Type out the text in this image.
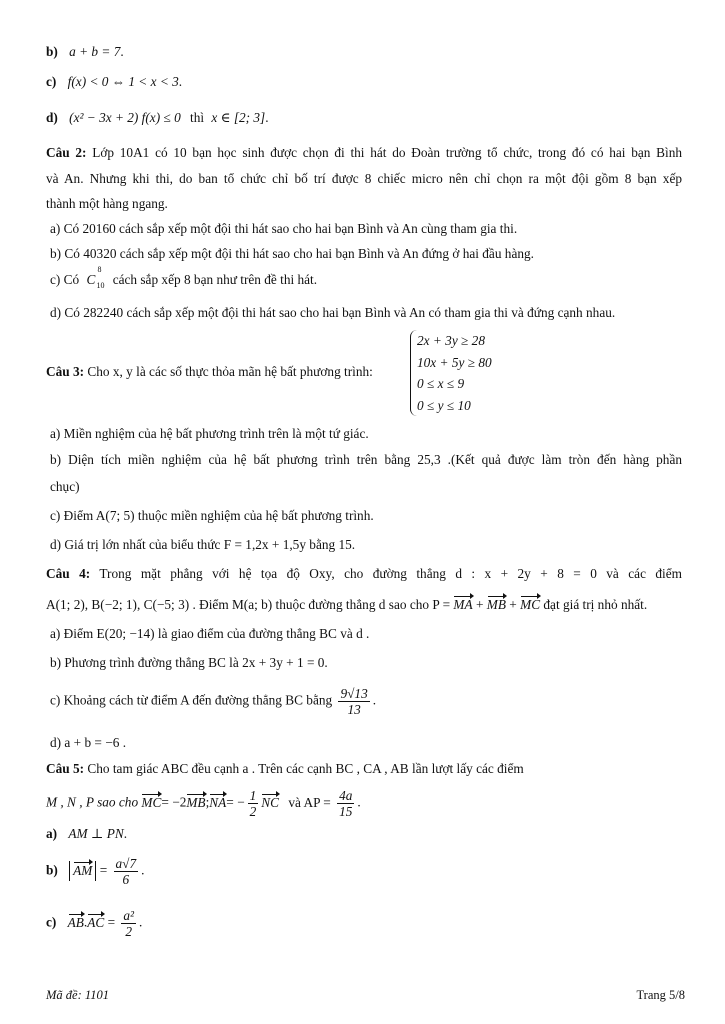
b) a + b = 7.
c) f(x) < 0 ⇔ 1 < x < 3.
d) (x² − 3x + 2) f(x) ≤ 0 thì x ∈ [2; 3].
Câu 2: Lớp 10A1 có 10 bạn học sinh được chọn đi thi hát do Đoàn trường tổ chức, trong đó có hai bạn Bình
và An. Nhưng khi thi, do ban tổ chức chỉ bố trí được 8 chiếc micro nên chỉ chọn ra một đội gồm 8 bạn xếp
thành một hàng ngang.
a) Có 20160 cách sắp xếp một đội thi hát sao cho hai bạn Bình và An cùng tham gia thi.
b) Có 40320 cách sắp xếp một đội thi hát sao cho hai bạn Bình và An đứng ở hai đầu hàng.
c) Có C
8
10 cách sắp xếp 8 bạn như trên đề thi hát.
d) Có 282240 cách sắp xếp một đội thi hát sao cho hai bạn Bình và An có tham gia thi và đứng cạnh nhau.
Câu 3: Cho x, y là các số thực thỏa mãn hệ bất phương trình:
2x + 3y ≥ 28
10x + 5y ≥ 80
0 ≤ x ≤ 9
0 ≤ y ≤ 10
a) Miền nghiệm của hệ bất phương trình trên là một tứ giác.
b) Diện tích miền nghiệm của hệ bất phương trình trên bằng 25,3 .(Kết quả được làm tròn đến hàng phần
chục)
c) Điểm A(7; 5) thuộc miền nghiệm của hệ bất phương trình.
d) Giá trị lớn nhất của biểu thức F = 1,2x + 1,5y bằng 15.
Câu 4: Trong mặt phẳng với hệ tọa độ Oxy, cho đường thẳng d : x + 2y + 8 = 0 và các điểm
A(1; 2), B(−2; 1), C(−5; 3) . Điểm M(a; b) thuộc đường thẳng d sao cho P = MA + MB + MC đạt giá trị nhỏ nhất.
a) Điểm E(20; −14) là giao điểm của đường thẳng BC và d .
b) Phương trình đường thẳng BC là 2x + 3y + 1 = 0.
c) Khoảng cách từ điểm A đến đường thẳng BC bằng $\frac{9√13}{13}$ .
d) a + b = −6 .
Câu 5: Cho tam giác ABC đều cạnh a . Trên các cạnh BC , CA , AB lần lượt lấy các điểm
M , N , P sao cho MC= −2MB;NA= − $\frac{1}{2}$ NC và AP = $\frac{4a}{15}$ .
a) AM ⊥ PN.
b) AM = $\frac{a√7}{6}$ .
c) $AB.AC = \frac{\text{a²}}{2}$ .
Mã đề: 1101	Trang 5/8
